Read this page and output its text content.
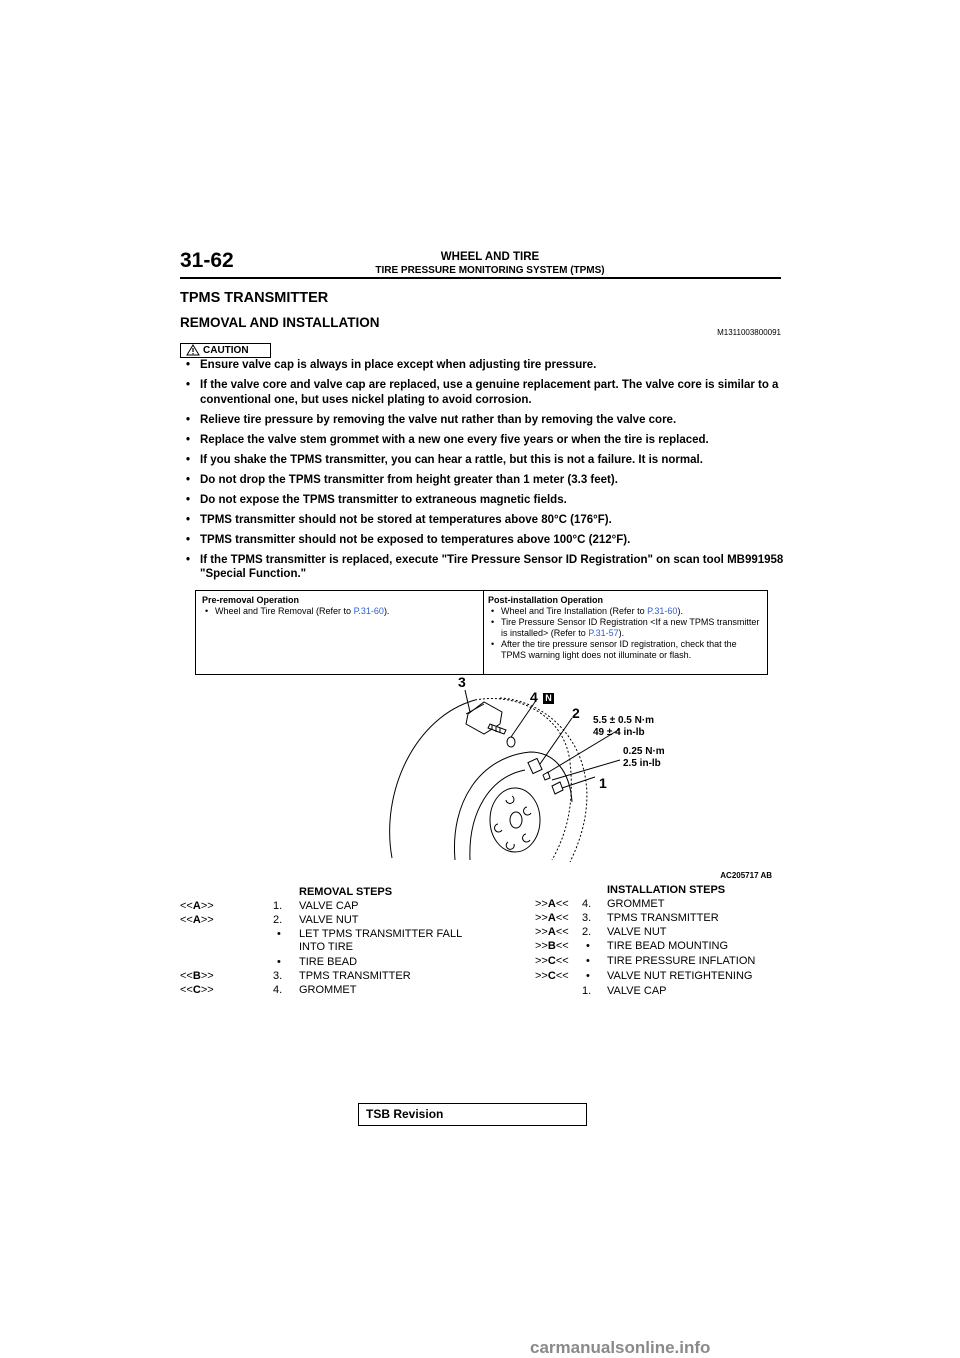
31-62	WHEEL AND TIRE
TIRE PRESSURE MONITORING SYSTEM (TPMS)
TPMS TRANSMITTER
REMOVAL AND INSTALLATION
M1311003800091
CAUTION
• Ensure valve cap is always in place except when adjusting tire pressure.
• If the valve core and valve cap are replaced, use a genuine replacement part. The valve core is similar to a conventional one, but uses nickel plating to avoid corrosion.
• Relieve tire pressure by removing the valve nut rather than by removing the valve core.
• Replace the valve stem grommet with a new one every five years or when the tire is replaced.
• If you shake the TPMS transmitter, you can hear a rattle, but this is not a failure. It is normal.
• Do not drop the TPMS transmitter from height greater than 1 meter (3.3 feet).
• Do not expose the TPMS transmitter to extraneous magnetic fields.
• TPMS transmitter should not be stored at temperatures above 80°C (176°F).
• TPMS transmitter should not be exposed to temperatures above 100°C (212°F).
• If the TPMS transmitter is replaced, execute "Tire Pressure Sensor ID Registration" on scan tool MB991958 "Special Function."
Pre-removal Operation
• Wheel and Tire Removal (Refer to P.31-60).
Post-installation Operation
• Wheel and Tire Installation (Refer to P.31-60).
• Tire Pressure Sensor ID Registration <If a new TPMS transmitter is installed> (Refer to P.31-57).
• After the tire pressure sensor ID registration, check that the TPMS warning light does not illuminate or flash.
3
4 N
2
1
5.5 ± 0.5 N·m
49 ± 4 in-lb
0.25 N·m
2.5 in-lb
AC205717 AB
REMOVAL STEPS
<<A>>	1. VALVE CAP
<<A>>	2. VALVE NUT
• LET TPMS TRANSMITTER FALL INTO TIRE
• TIRE BEAD
<<B>>	3. TPMS TRANSMITTER
<<C>>	4. GROMMET
INSTALLATION STEPS
>>A<< 4. GROMMET
>>A<< 3. TPMS TRANSMITTER
>>A<< 2. VALVE NUT
>>B<< • TIRE BEAD MOUNTING
>>C<< • TIRE PRESSURE INFLATION
>>C<< • VALVE NUT RETIGHTENING
1. VALVE CAP
TSB Revision
carmanualsonline.info
